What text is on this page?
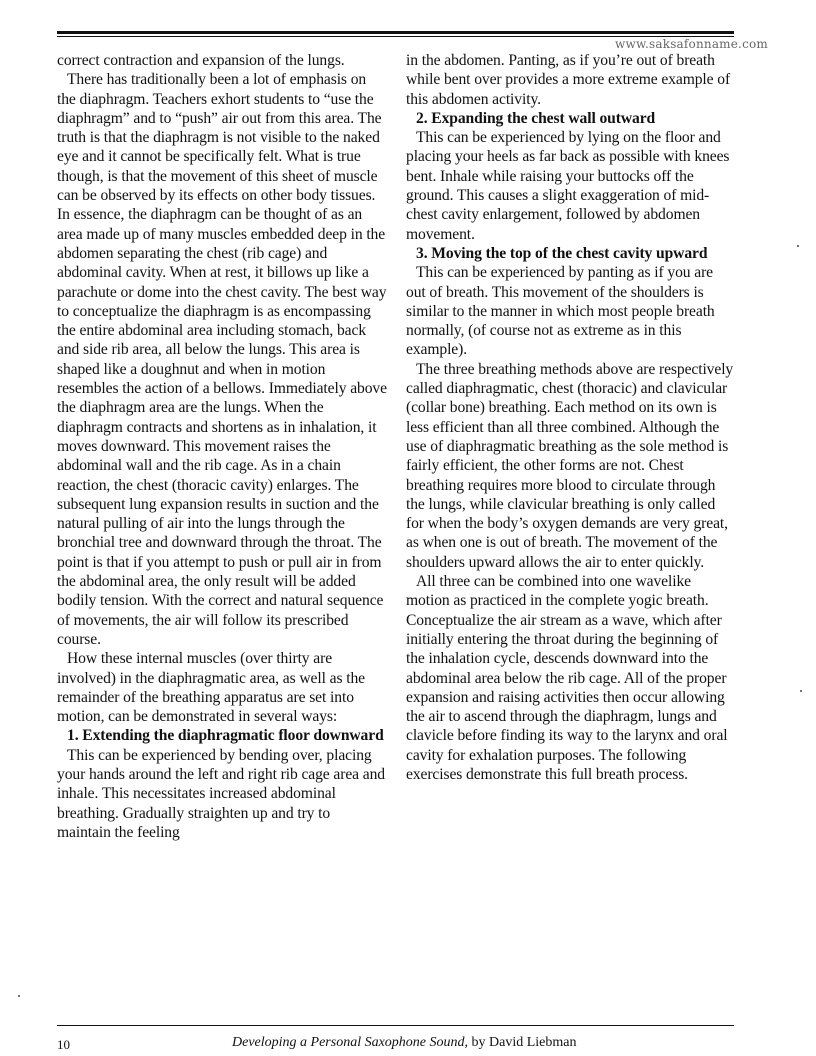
www.saksafonname.com

correct contraction and expansion of the lungs.

There has traditionally been a lot of emphasis on the diaphragm. Teachers exhort students to “use the diaphragm” and to “push” air out from this area. The truth is that the diaphragm is not visible to the naked eye and it cannot be specifically felt. What is true though, is that the movement of this sheet of muscle can be observed by its effects on other body tissues. In essence, the diaphragm can be thought of as an area made up of many muscles embedded deep in the abdomen separating the chest (rib cage) and abdominal cavity. When at rest, it billows up like a parachute or dome into the chest cavity. The best way to conceptualize the diaphragm is as encompassing the entire abdominal area including stomach, back and side rib area, all below the lungs. This area is shaped like a doughnut and when in motion resembles the action of a bellows. Immediately above the diaphragm area are the lungs. When the diaphragm contracts and shortens as in inhalation, it moves downward. This movement raises the abdominal wall and the rib cage. As in a chain reaction, the chest (thoracic cavity) enlarges. The subsequent lung expansion results in suction and the natural pulling of air into the lungs through the bronchial tree and downward through the throat. The point is that if you attempt to push or pull air in from the abdominal area, the only result will be added bodily tension. With the correct and natural sequence of movements, the air will follow its prescribed course.

How these internal muscles (over thirty are involved) in the diaphragmatic area, as well as the remainder of the breathing apparatus are set into motion, can be demonstrated in several ways:

1. Extending the diaphragmatic floor downward

This can be experienced by bending over, placing your hands around the left and right rib cage area and inhale. This necessitates increased abdominal breathing. Gradually straighten up and try to maintain the feeling

in the abdomen. Panting, as if you’re out of breath while bent over provides a more extreme example of this abdomen activity.

2. Expanding the chest wall outward

This can be experienced by lying on the floor and placing your heels as far back as possible with knees bent. Inhale while raising your buttocks off the ground. This causes a slight exaggeration of mid-chest cavity enlargement, followed by abdomen movement.

3. Moving the top of the chest cavity upward

This can be experienced by panting as if you are out of breath. This movement of the shoulders is similar to the manner in which most people breath normally, (of course not as extreme as in this example).

The three breathing methods above are respectively called diaphragmatic, chest (thoracic) and clavicular (collar bone) breathing. Each method on its own is less efficient than all three combined. Although the use of diaphragmatic breathing as the sole method is fairly efficient, the other forms are not. Chest breathing requires more blood to circulate through the lungs, while clavicular breathing is only called for when the body’s oxygen demands are very great, as when one is out of breath. The movement of the shoulders upward allows the air to enter quickly.

All three can be combined into one wavelike motion as practiced in the complete yogic breath. Conceptualize the air stream as a wave, which after initially entering the throat during the beginning of the inhalation cycle, descends downward into the abdominal area below the rib cage. All of the proper expansion and raising activities then occur allowing the air to ascend through the diaphragm, lungs and clavicle before finding its way to the larynx and oral cavity for exhalation purposes. The following exercises demonstrate this full breath process.

10	Developing a Personal Saxophone Sound, by David Liebman
